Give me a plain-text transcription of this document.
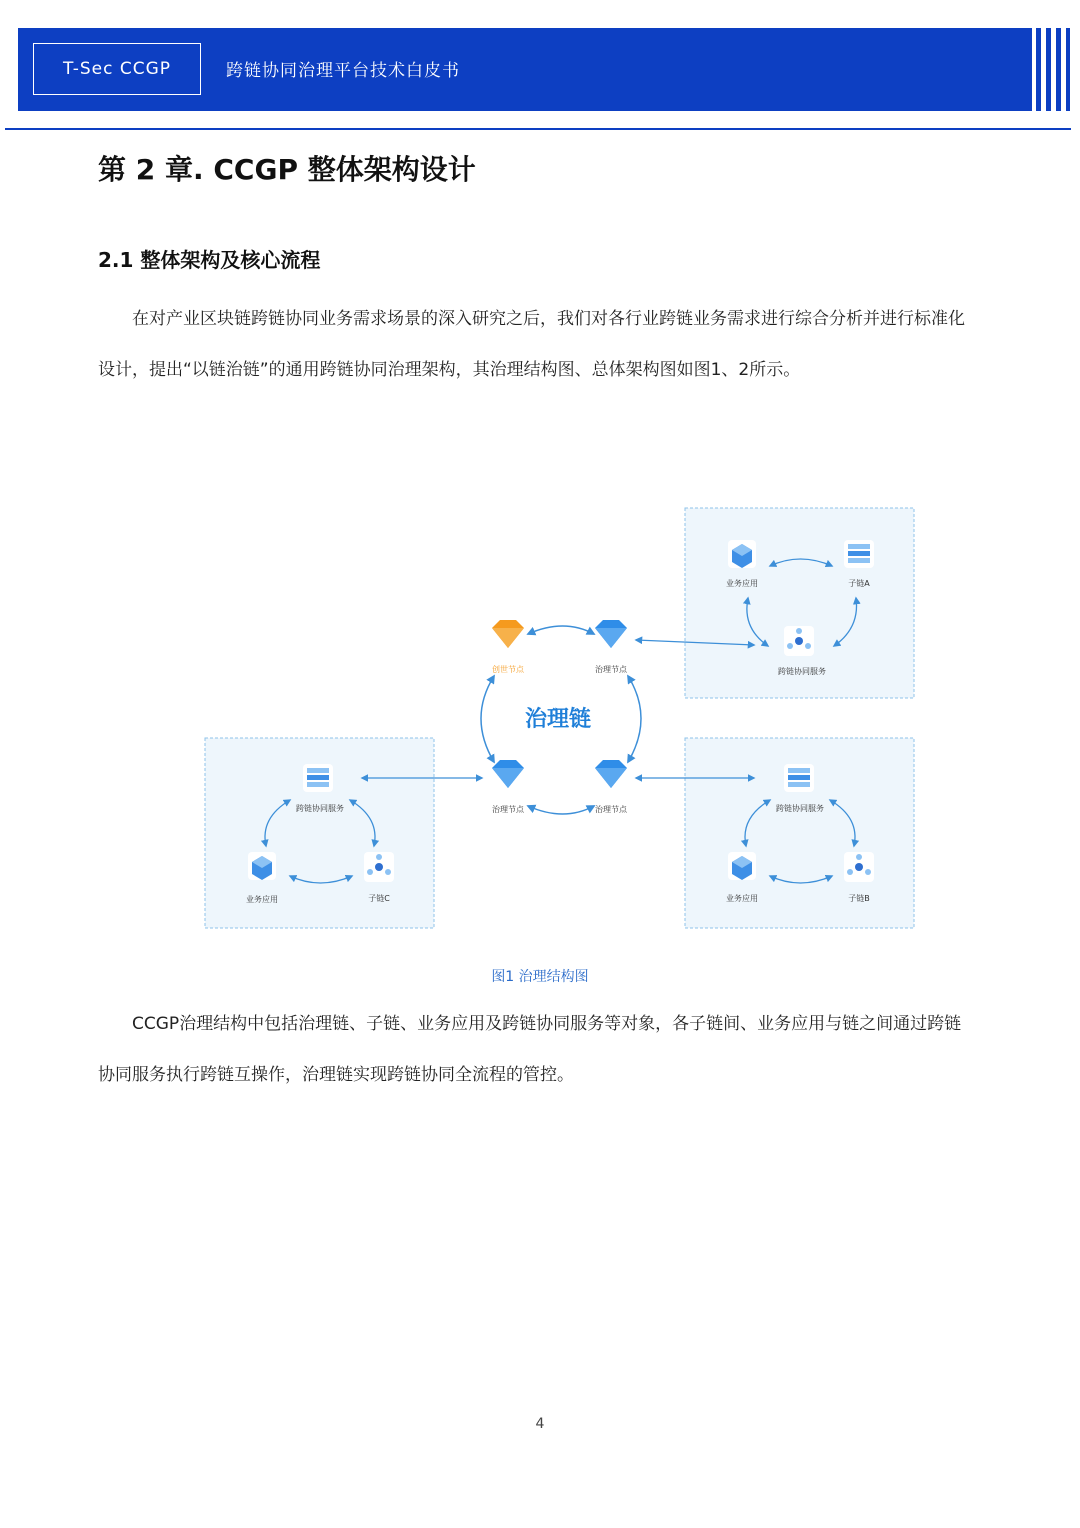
T-Sec CCGP	跨链协同治理平台技术白皮书
第 2 章. CCGP 整体架构设计
2.1 整体架构及核心流程

在对产业区块链跨链协同业务需求场景的深入研究之后，我们对各行业跨链业务需求进行综合分析并进行标准化设计，提出“以链治链”的通用跨链协同治理架构，其治理结构图、总体架构图如图1、2所示。

治理链
创世节点	治理节点
治理节点	治理节点
业务应用	子链A
跨链协同服务
跨链协同服务
业务应用	子链C
跨链协同服务
业务应用	子链B
图1 治理结构图

CCGP治理结构中包括治理链、子链、业务应用及跨链协同服务等对象，各子链间、业务应用与链之间通过跨链协同服务执行跨链互操作，治理链实现跨链协同全流程的管控。

4
